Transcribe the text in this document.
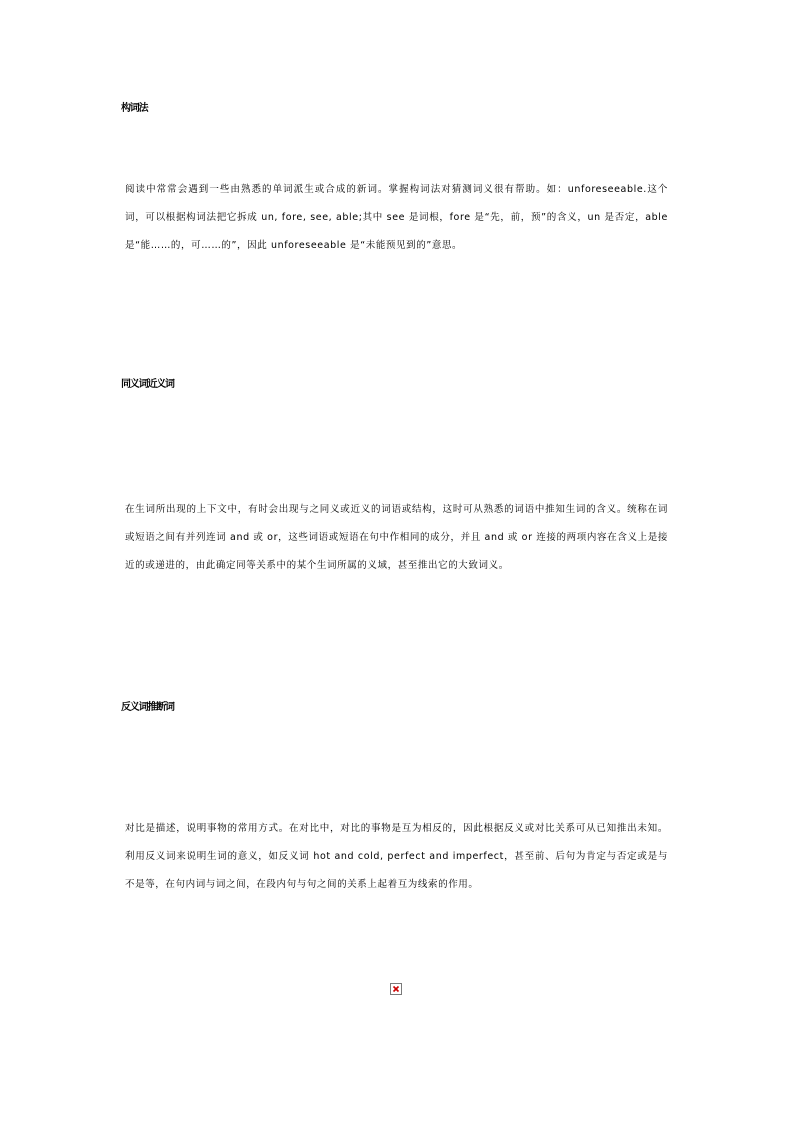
构词法
阅读中常常会遇到一些由熟悉的单词派生或合成的新词。掌握构词法对猜测词义很有帮助。如：unforeseeable.这个词，可以根据构词法把它拆成 un, fore, see, able;其中 see 是词根，fore 是“先，前，预”的含义，un 是否定，able 是“能……的，可……的”，因此 unforeseeable 是“未能预见到的”意思。
同义词近义词
在生词所出现的上下文中，有时会出现与之同义或近义的词语或结构，这时可从熟悉的词语中推知生词的含义。统称在词或短语之间有并列连词 and 或 or，这些词语或短语在句中作相同的成分，并且 and 或 or 连接的两项内容在含义上是接近的或递进的，由此确定同等关系中的某个生词所属的义域，甚至推出它的大致词义。
反义词推断词
对比是描述，说明事物的常用方式。在对比中，对比的事物是互为相反的，因此根据反义或对比关系可从已知推出未知。利用反义词来说明生词的意义，如反义词 hot and cold, perfect and imperfect，甚至前、后句为肯定与否定或是与不是等，在句内词与词之间，在段内句与句之间的关系上起着互为线索的作用。
